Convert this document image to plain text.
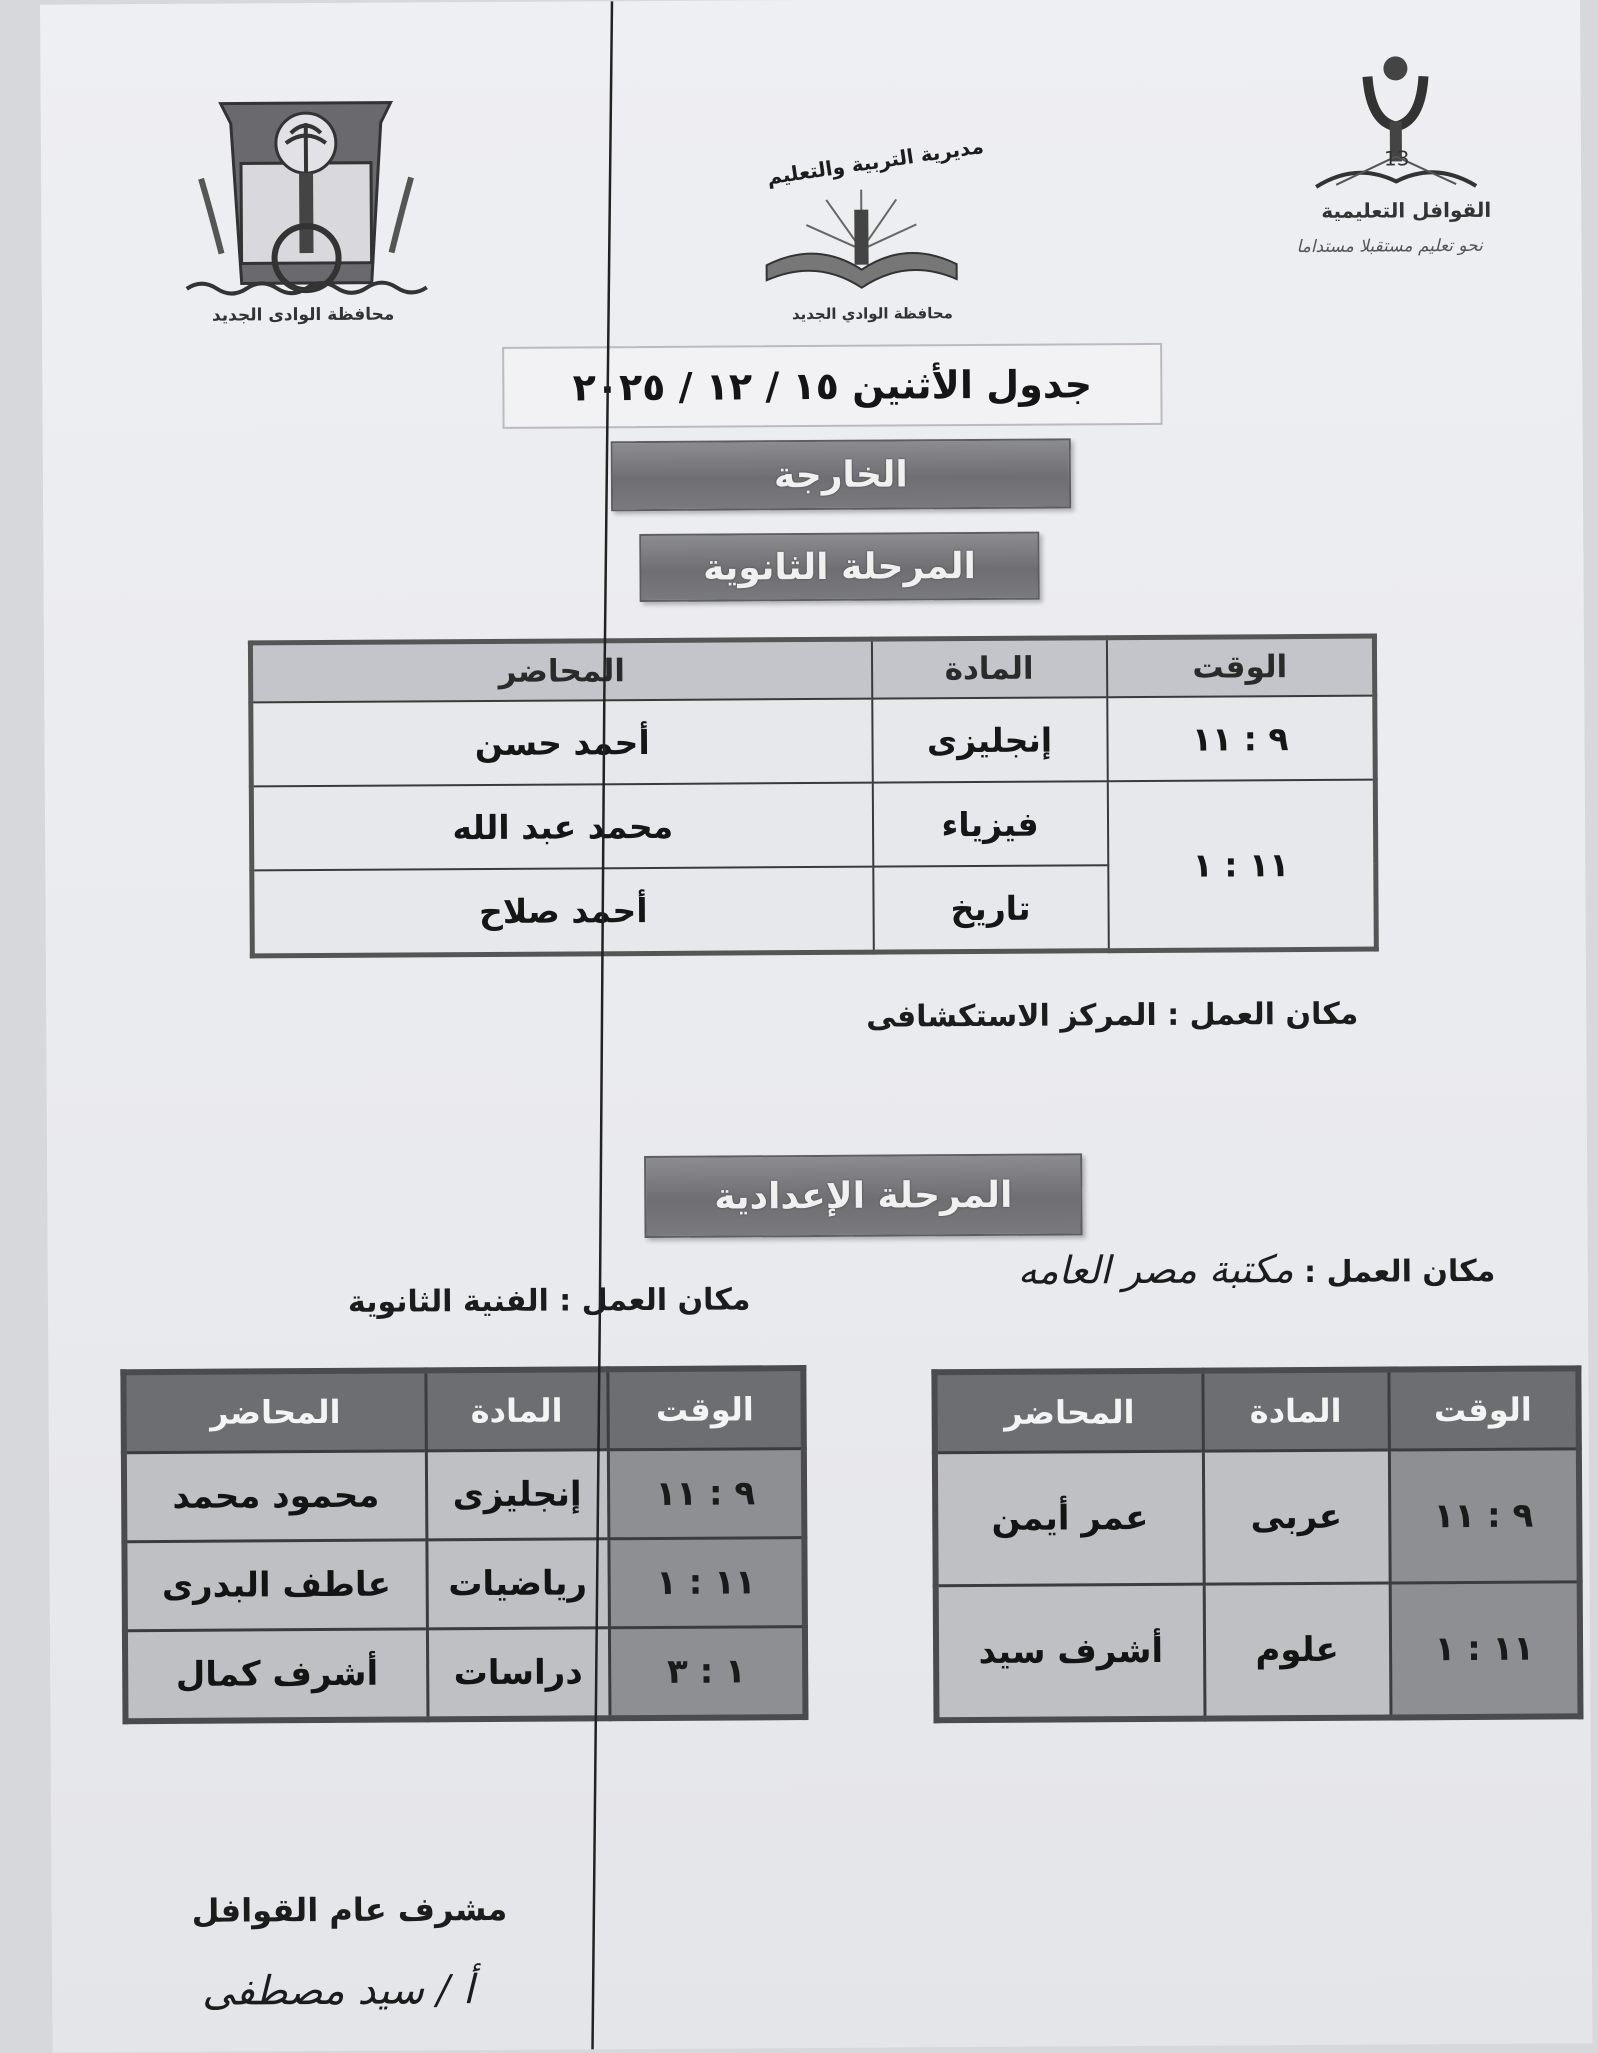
محافظة الوادى الجديد
مديرية التربية والتعليم
محافظة الوادي الجديد
13
القوافل التعليمية
نحو تعليم مستقبلا مستداما
جدول الأثنين ١٥ / ١٢ / ٢٠٢٥
الخارجة
المرحلة الثانوية
الوقت	المادة	المحاضر
٩ : ١١	إنجليزى	أحمد حسن
١١ : ١	فيزياء	محمد عبد الله
	تاريخ	أحمد صلاح
مكان العمل : المركز الاستكشافى
المرحلة الإعدادية
مكان العمل : مكتبة مصر العامه
مكان العمل : الفنية الثانوية
الوقت	المادة	المحاضر
٩ : ١١	عربى	عمر أيمن
١١ : ١	علوم	أشرف سيد
الوقت	المادة	المحاضر
٩ : ١١	إنجليزى	محمود محمد
١١ : ١	رياضيات	عاطف البدرى
١ : ٣	دراسات	أشرف كمال
مشرف عام القوافل
أ / سيد مصطفى
